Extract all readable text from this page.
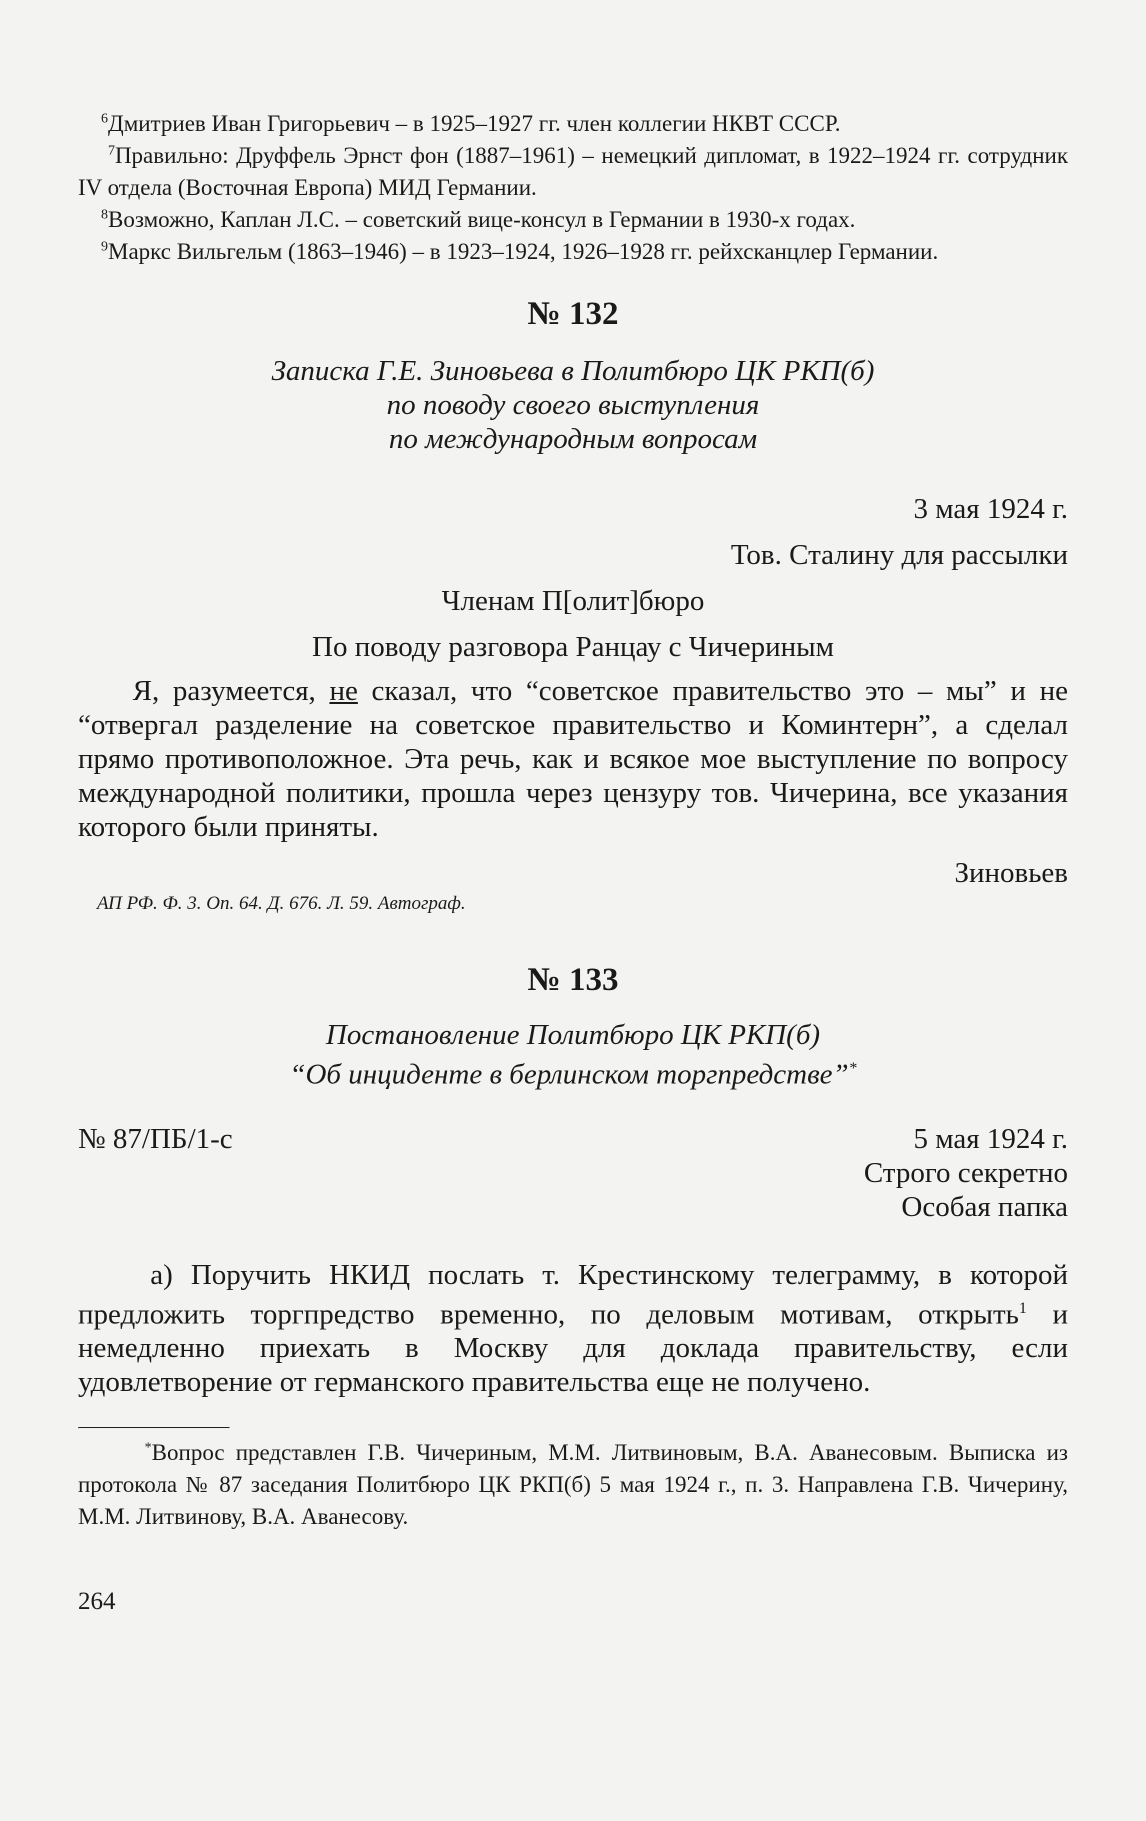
$^6$Дмитриев Иван Григорьевич – в 1925–1927 гг. член коллегии НКВТ СССР.

$^7$Правильно: Друффель Эрнст фон (1887–1961) – немецкий дипломат, в 1922–1924 гг. сотрудник IV отдела (Восточная Европа) МИД Германии.

$^8$Возможно, Каплан Л.С. – советский вице-консул в Германии в 1930-х годах.

$^9$Маркс Вильгельм (1863–1946) – в 1923–1924, 1926–1928 гг. рейхсканцлер Германии.

№ 132

Записка Г.Е. Зиновьева в Политбюро ЦК РКП(б)

по поводу своего выступления

по международным вопросам

3 мая 1924 г.

Тов. Сталину для рассылки

Членам П[олит]бюро

По поводу разговора Ранцау с Чичериным

Я, разумеется, не сказал, что “советское правительство это – мы” и не “отвергал разделение на советское правительство и Коминтерн”, а сделал прямо противоположное. Эта речь, как и всякое мое выступление по вопросу международной политики, прошла через цензуру тов. Чичерина, все указания которого были приняты.

Зиновьев

АП РФ. Ф. 3. Оп. 64. Д. 676. Л. 59. Автограф.

№ 133

Постановление Политбюро ЦК РКП(б)

“Об инциденте в берлинском торгпредстве”*

№ 87/ПБ/1-с	5 мая 1924 г.

Строго секретно

Особая папка

а) Поручить НКИД послать т. Крестинскому телеграмму, в которой предложить торгпредство временно, по деловым мотивам, открыть$^1$ и немедленно приехать в Москву для доклада правительству, если удовлетворение от германского правительства еще не получено.

*Вопрос представлен Г.В. Чичериным, М.М. Литвиновым, В.А. Аванесовым. Выписка из протокола № 87 заседания Политбюро ЦК РКП(б) 5 мая 1924 г., п. 3. Направлена Г.В. Чичерину, М.М. Литвинову, В.А. Аванесову.

264
